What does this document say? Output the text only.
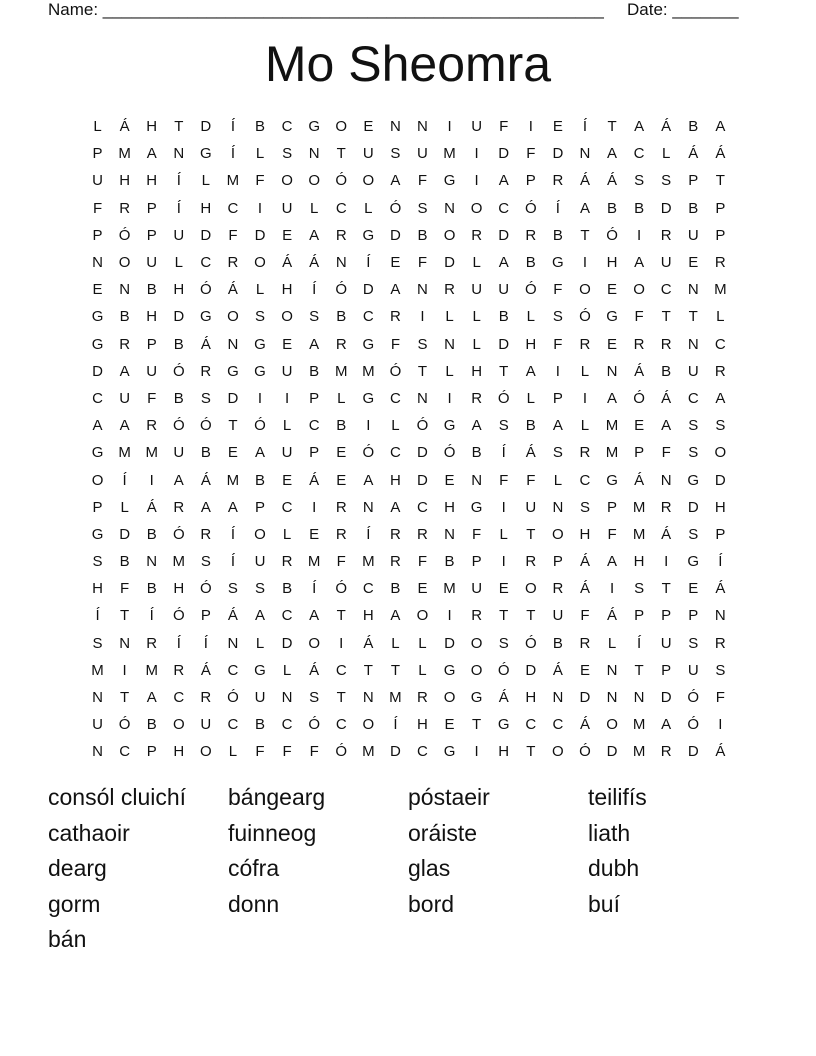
Name: _____________________________________________________ Date: _______
Mo Sheomra
L	Á	H	T	D	Í	B	C	G	O	E	N	N	I	U	F	I	E	Í	T	A	Á	B	A
P	M	A	N	G	Í	L	S	N	T	U	S	U	M	I	D	F	D	N	A	C	L	Á	Á
U	H	H	Í	L	M	F	O	O	Ó	O	A	F	G	I	A	P	R	Á	Á	S	S	P	T
F	R	P	Í	H	C	I	U	L	C	L	Ó	S	N	O	C	Ó	Í	A	B	B	D	B	P
P	Ó	P	U	D	F	D	E	A	R	G	D	B	O	R	D	R	B	T	Ó	I	R	U	P
N	O	U	L	C	R	O	Á	Á	N	Í	E	F	D	L	A	B	G	I	H	A	U	E	R
E	N	B	H	Ó	Á	L	H	Í	Ó	D	A	N	R	U	U	Ó	F	O	E	O	C	N	M
G	B	H	D	G	O	S	O	S	B	C	R	I	L	L	B	L	S	Ó	G	F	T	T	L
G	R	P	B	Á	N	G	E	A	R	G	F	S	N	L	D	H	F	R	E	R	R	N	C
D	A	U	Ó	R	G	G	U	B	M M	Ó	T	L	H	T	A	I	L	N	Á	B	U	R
C	U	F	B	S	D	I	I	P	L	G	C	N	I	R	Ó	L	P	I	A	Ó	Á	C	A
A	A	R	Ó	Ó	T	Ó	L	C	B	I	L	Ó	G	A	S	B	A	L	M	E	A	S	S
G M M	U	B	E	A	U	P	E	Ó	C	D	Ó	B	Í	Á	S	R	M	P	F	S	O
O	Í	I	A	Á	M	B	E	Á	E	A	H	D	E	N	F	F	L	C	G	Á	N	G	D
P	L	Á	R	A	A	P	C	I	R	N	A	C	H	G	I	U	N	S	P	M	R	D	H
G	D	B	Ó	R	Í	O	L	E	R	Í	R	R	N	F	L	T	O	H	F	M	Á	S	P
S	B	N	M	S	Í	U	R	M	F	M	R	F	B	P	I	R	P	Á	A	H	I	G	Í
H	F	B	H	Ó	S	S	B	Í	Ó	C	B	E	M	U	E	O	R	Á	I	S	T	E	Á
Í	T	Í	Ó	P	Á	A	C	A	T	H	A	O	I	R	T	T	U	F	Á	P	P	P	N
S	N	R	Í	Í	N	L	D	O	I	Á	L	L	D	O	S	Ó	B	R	L	Í	U	S	R
M	I	M	R	Á	C	G	L	Á	C	T	T	L	G	O	Ó	D	Á	E	N	T	P	U	S
N	T	A	C	R	Ó	U	N	S	T	N	M	R	O	G	Á	H	N	D	N	N	D	Ó	F
U	Ó	B	O	U	C	B	C	Ó	C	O	Í	H	E	T	G	C	C	Á	O M	A	Ó	I
N	C	P	H	O	L	F	F	F	Ó M	D	C	G	I	H	T	O	Ó	D	M	R	D	Á
consól cluichí	bángearg	póstaeir	teilifís
cathaoir	fuinneog	oráiste	liath
dearg	cófra	glas	dubh
gorm	donn	bord	buí
bán
